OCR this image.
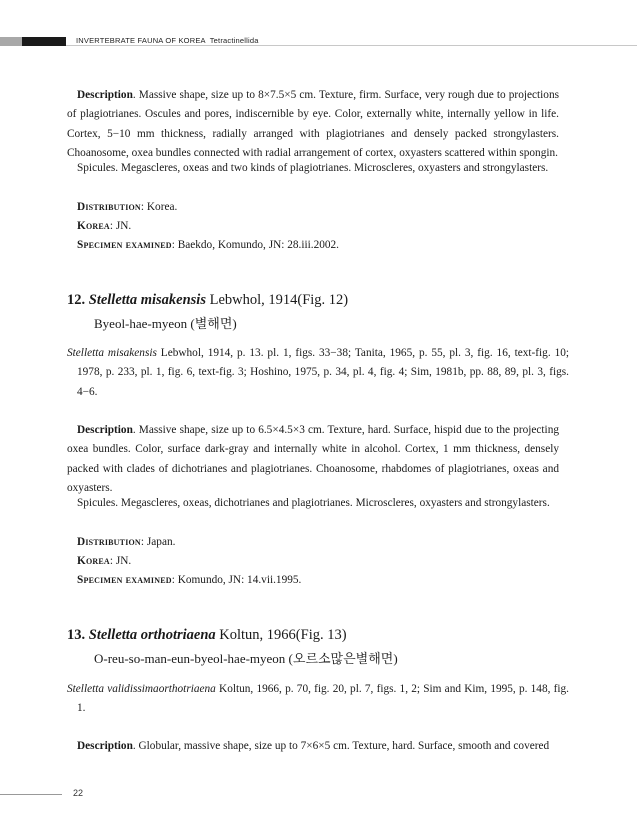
INVERTEBRATE FAUNA OF KOREA Tetractinellida

Description. Massive shape, size up to 8×7.5×5 cm. Texture, firm. Surface, very rough due to projections of plagiotrianes. Oscules and pores, indiscernible by eye. Color, externally white, internally yellow in life. Cortex, 5−10 mm thickness, radially arranged with plagiotrianes and densely packed strongylasters. Choanosome, oxea bundles connected with radial arrangement of cortex, oxyasters scattered within spongin.

Spicules. Megascleres, oxeas and two kinds of plagiotrianes. Microscleres, oxyasters and strongylasters.

Distribution: Korea.

Korea: JN.

Specimen examined: Baekdo, Komundo, JN: 28.iii.2002.

12. Stelletta misakensis Lebwhol, 1914(Fig. 12)
Byeol-hae-myeon (별해면)

Stelletta misakensis Lebwhol, 1914, p. 13. pl. 1, figs. 33−38; Tanita, 1965, p. 55, pl. 3, fig. 16, text-fig. 10; 1978, p. 233, pl. 1, fig. 6, text-fig. 3; Hoshino, 1975, p. 34, pl. 4, fig. 4; Sim, 1981b, pp. 88, 89, pl. 3, figs. 4−6.

Description. Massive shape, size up to 6.5×4.5×3 cm. Texture, hard. Surface, hispid due to the projecting oxea bundles. Color, surface dark-gray and internally white in alcohol. Cortex, 1 mm thickness, densely packed with clades of dichotrianes and plagiotrianes. Choanosome, rhabdomes of plagiotrianes, oxeas and oxyasters.

Spicules. Megascleres, oxeas, dichotrianes and plagiotrianes. Microscleres, oxyasters and strongylasters.

Distribution: Japan.

Korea: JN.

Specimen examined: Komundo, JN: 14.vii.1995.

13. Stelletta orthotriaena Koltun, 1966(Fig. 13)
O-reu-so-man-eun-byeol-hae-myeon (오르소많은별해면)

Stelletta validissimaorthotriaena Koltun, 1966, p. 70, fig. 20, pl. 7, figs. 1, 2; Sim and Kim, 1995, p. 148, fig. 1.

Description. Globular, massive shape, size up to 7×6×5 cm. Texture, hard. Surface, smooth and covered

22
